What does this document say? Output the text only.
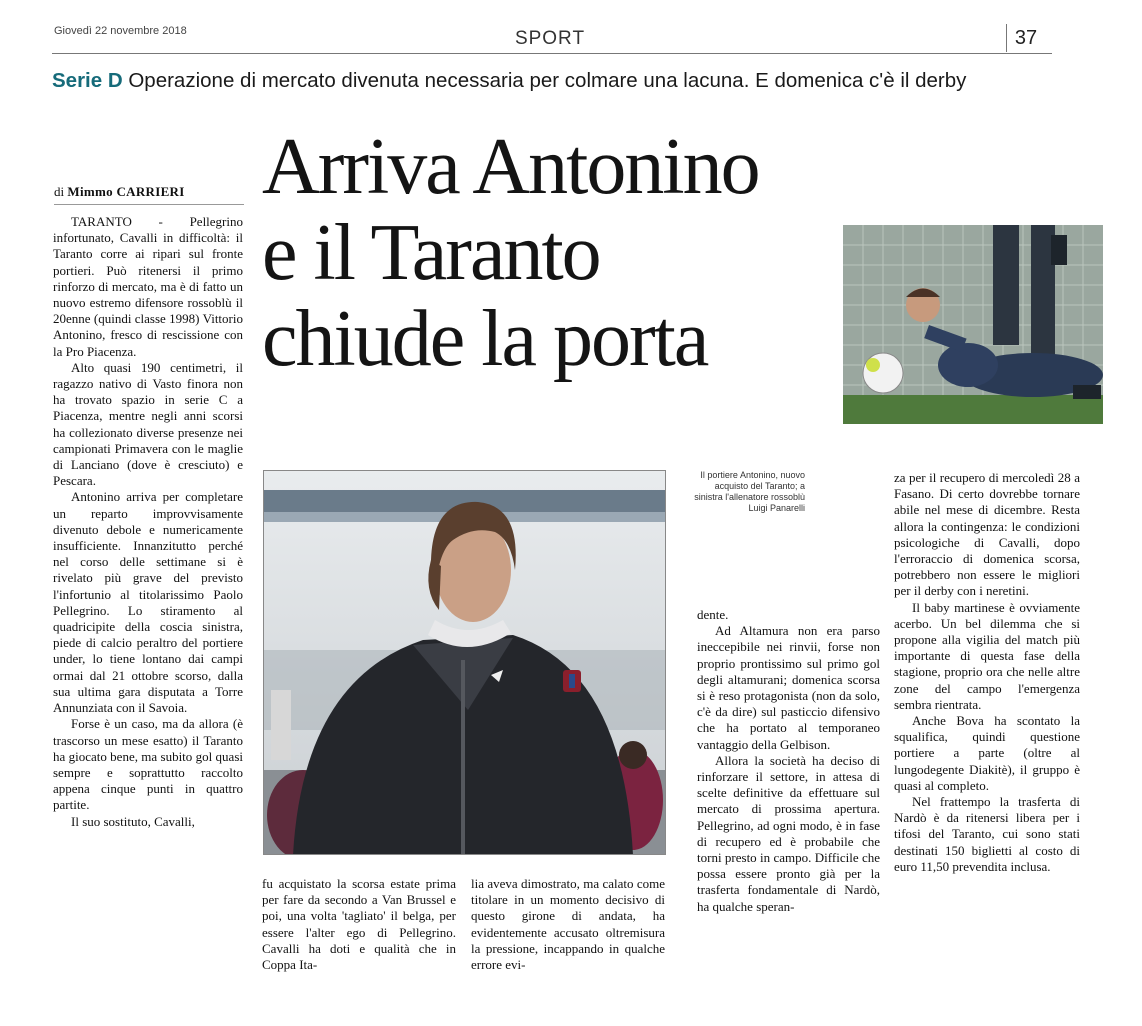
Giovedì 22 novembre 2018	SPORT	37
Serie D Operazione di mercato divenuta necessaria per colmare una lacuna. E domenica c'è il derby
Arriva Antonino
e il Taranto
chiude la porta
di Mimmo CARRIERI

TARANTO - Pellegrino infortunato, Cavalli in difficoltà: il Taranto corre ai ripari sul fronte portieri. Può ritenersi il primo rinforzo di mercato, ma è di fatto un nuovo estremo difensore rossoblù il 20enne (quindi classe 1998) Vittorio Antonino, fresco di rescissione con la Pro Piacenza.

Alto quasi 190 centimetri, il ragazzo nativo di Vasto finora non ha trovato spazio in serie C a Piacenza, mentre negli anni scorsi ha collezionato diverse presenze nei campionati Primavera con le maglie di Lanciano (dove è cresciuto) e Pescara.

Antonino arriva per completare un reparto improvvisamente divenuto debole e numericamente insufficiente. Innanzitutto perché nel corso delle settimane si è rivelato più grave del previsto l'infortunio al titolarissimo Paolo Pellegrino. Lo stiramento al quadricipite della coscia sinistra, piede di calcio peraltro del portiere under, lo tiene lontano dai campi ormai dal 21 ottobre scorso, dalla sua ultima gara disputata a Torre Annunziata con il Savoia.

Forse è un caso, ma da allora (è trascorso un mese esatto) il Taranto ha giocato bene, ma subito gol quasi sempre e soprattutto raccolto appena cinque punti in quattro partite.

Il suo sostituto, Cavalli,

Il portiere Antonino, nuovo acquisto del Taranto; a sinistra l'allenatore rossoblù Luigi Panarelli

fu acquistato la scorsa estate prima per fare da secondo a Van Brussel e poi, una volta 'tagliato' il belga, per essere l'alter ego di Pellegrino. Cavalli ha doti e qualità che in Coppa Ita-

lia aveva dimostrato, ma calato come titolare in un momento decisivo di questo girone di andata, ha evidentemente accusato oltremisura la pressione, incappando in qualche errore evi-

dente.

Ad Altamura non era parso ineccepibile nei rinvii, forse non proprio prontissimo sul primo gol degli altamurani; domenica scorsa si è reso protagonista (non da solo, c'è da dire) sul pasticcio difensivo che ha portato al temporaneo vantaggio della Gelbison.

Allora la società ha deciso di rinforzare il settore, in attesa di scelte definitive da effettuare sul mercato di prossima apertura. Pellegrino, ad ogni modo, è in fase di recupero ed è probabile che torni presto in campo. Difficile che possa essere pronto già per la trasferta fondamentale di Nardò, ha qualche speran-

za per il recupero di mercoledì 28 a Fasano. Di certo dovrebbe tornare abile nel mese di dicembre. Resta allora la contingenza: le condizioni psicologiche di Cavalli, dopo l'erroraccio di domenica scorsa, potrebbero non essere le migliori per il derby con i neretini.

Il baby martinese è ovviamente acerbo. Un bel dilemma che si propone alla vigilia del match più importante di questa fase della stagione, proprio ora che nelle altre zone del campo l'emergenza sembra rientrata.

Anche Bova ha scontato la squalifica, quindi questione portiere a parte (oltre al lungodegente Diakitè), il gruppo è quasi al completo.

Nel frattempo la trasferta di Nardò è da ritenersi libera per i tifosi del Taranto, cui sono stati destinati 150 biglietti al costo di euro 11,50 prevendita inclusa.
